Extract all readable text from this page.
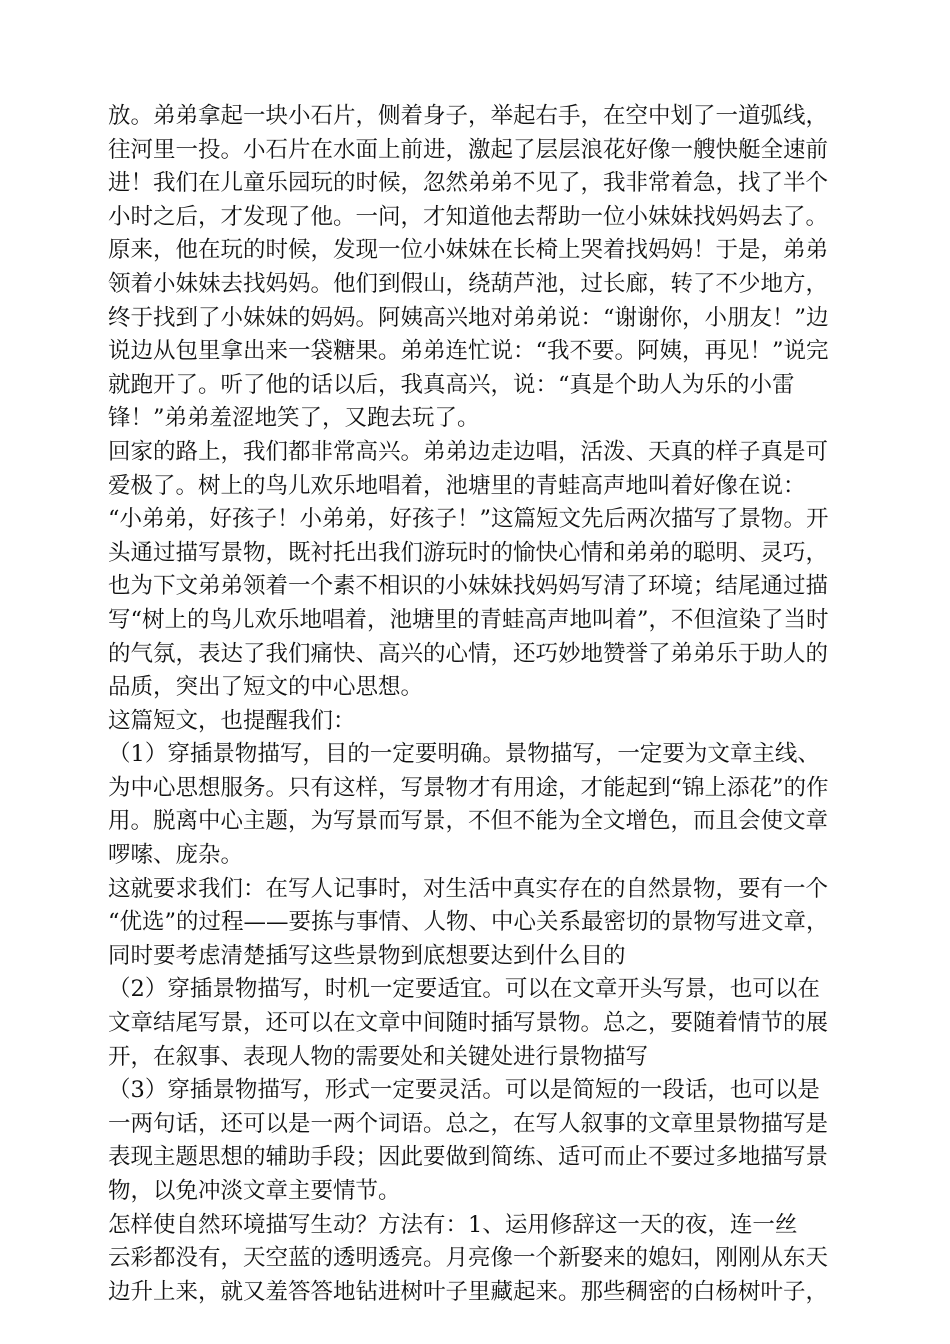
放。弟弟拿起一块小石片，侧着身子，举起右手，在空中划了一道弧线，
往河里一投。小石片在水面上前进，激起了层层浪花好像一艘快艇全速前
进！我们在儿童乐园玩的时候，忽然弟弟不见了，我非常着急，找了半个
小时之后，才发现了他。一问，才知道他去帮助一位小妹妹找妈妈去了。
原来，他在玩的时候，发现一位小妹妹在长椅上哭着找妈妈！于是，弟弟
领着小妹妹去找妈妈。他们到假山，绕葫芦池，过长廊，转了不少地方，
终于找到了小妹妹的妈妈。阿姨高兴地对弟弟说：“谢谢你，小朋友！”边
说边从包里拿出来一袋糖果。弟弟连忙说：“我不要。阿姨，再见！”说完
就跑开了。听了他的话以后，我真高兴，说：“真是个助人为乐的小雷
锋！”弟弟羞涩地笑了，又跑去玩了。
回家的路上，我们都非常高兴。弟弟边走边唱，活泼、天真的样子真是可
爱极了。树上的鸟儿欢乐地唱着，池塘里的青蛙高声地叫着好像在说：
“小弟弟，好孩子！小弟弟，好孩子！”这篇短文先后两次描写了景物。开
头通过描写景物，既衬托出我们游玩时的愉快心情和弟弟的聪明、灵巧，
也为下文弟弟领着一个素不相识的小妹妹找妈妈写清了环境；结尾通过描
写“树上的鸟儿欢乐地唱着，池塘里的青蛙高声地叫着”，不但渲染了当时
的气氛，表达了我们痛快、高兴的心情，还巧妙地赞誉了弟弟乐于助人的
品质，突出了短文的中心思想。
这篇短文，也提醒我们：
（1）穿插景物描写，目的一定要明确。景物描写，一定要为文章主线、
为中心思想服务。只有这样，写景物才有用途，才能起到“锦上添花”的作
用。脱离中心主题，为写景而写景，不但不能为全文增色，而且会使文章
啰嗦、庞杂。
这就要求我们：在写人记事时，对生活中真实存在的自然景物，要有一个
“优选”的过程——要拣与事情、人物、中心关系最密切的景物写进文章，
同时要考虑清楚插写这些景物到底想要达到什么目的
（2）穿插景物描写，时机一定要适宜。可以在文章开头写景，也可以在
文章结尾写景，还可以在文章中间随时插写景物。总之，要随着情节的展
开，在叙事、表现人物的需要处和关键处进行景物描写
（3）穿插景物描写，形式一定要灵活。可以是简短的一段话，也可以是
一两句话，还可以是一两个词语。总之，在写人叙事的文章里景物描写是
表现主题思想的辅助手段；因此要做到简练、适可而止不要过多地描写景
物，以免冲淡文章主要情节。
怎样使自然环境描写生动？方法有：1、运用修辞这一天的夜，连一丝
云彩都没有，天空蓝的透明透亮。月亮像一个新娶来的媳妇，刚刚从东天
边升上来，就又羞答答地钻进树叶子里藏起来。那些稠密的白杨树叶子，
